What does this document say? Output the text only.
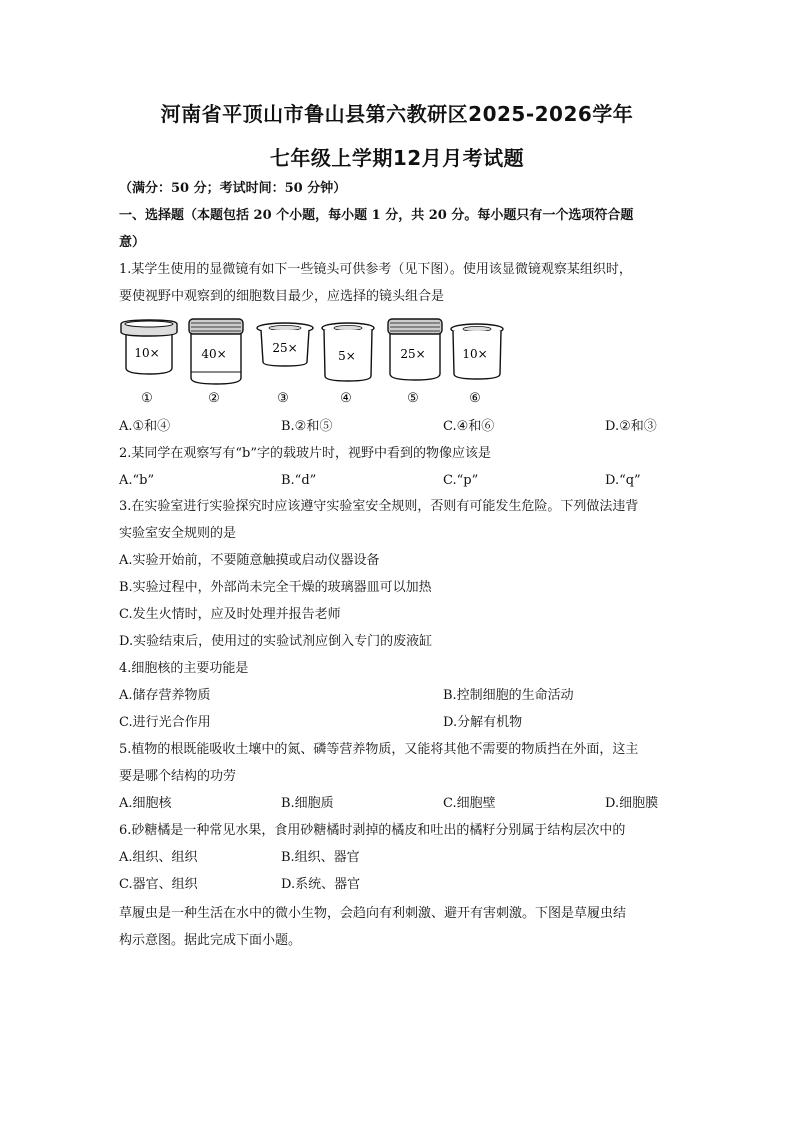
河南省平顶山市鲁山县第六教研区2025-2026学年
七年级上学期12月月考试题
（满分：50 分；考试时间：50 分钟）
一、选择题（本题包括 20 个小题，每小题 1 分，共 20 分。每小题只有一个选项符合题
意）
1.某学生使用的显微镜有如下一些镜头可供参考（见下图）。使用该显微镜观察某组织时，
要使视野中观察到的细胞数目最少，应选择的镜头组合是
10×
①
40×
②
25×
③
5×
④
25×
⑤
10×
⑥
A.①和④	B.②和⑤	C.④和⑥	D.②和③
2.某同学在观察写有“b”字的载玻片时，视野中看到的物像应该是
A.“b”	B.“d”	C.“p”	D.“q”
3.在实验室进行实验探究时应该遵守实验室安全规则，否则有可能发生危险。下列做法违背
实验室安全规则的是
A.实验开始前，不要随意触摸或启动仪器设备
B.实验过程中，外部尚未完全干燥的玻璃器皿可以加热
C.发生火情时，应及时处理并报告老师
D.实验结束后，使用过的实验试剂应倒入专门的废液缸
4.细胞核的主要功能是
A.储存营养物质	B.控制细胞的生命活动
C.进行光合作用	D.分解有机物
5.植物的根既能吸收土壤中的氮、磷等营养物质，又能将其他不需要的物质挡在外面，这主
要是哪个结构的功劳
A.细胞核	B.细胞质	C.细胞壁	D.细胞膜
6.砂糖橘是一种常见水果，食用砂糖橘时剥掉的橘皮和吐出的橘籽分别属于结构层次中的
A.组织、组织	B.组织、器官
C.器官、组织	D.系统、器官
草履虫是一种生活在水中的微小生物，会趋向有利刺激、避开有害刺激。下图是草履虫结
构示意图。据此完成下面小题。
